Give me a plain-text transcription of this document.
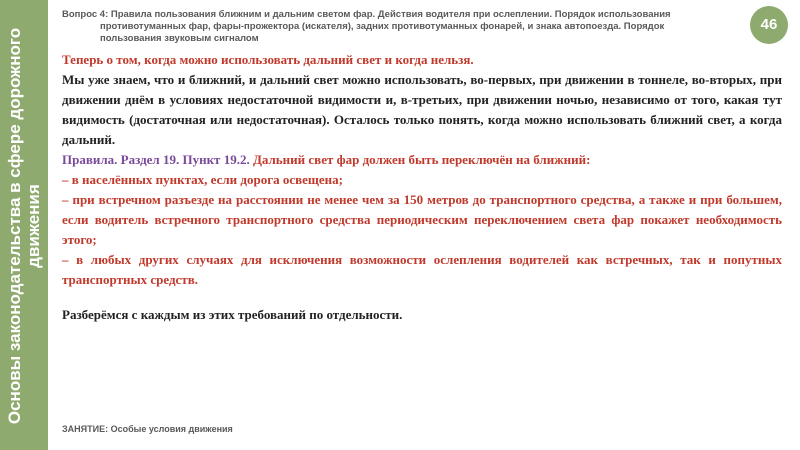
Основы законодательства в сфере дорожного движения
Вопрос 4: Правила пользования ближним и дальним светом фар. Действия водителя при ослеплении. Порядок использования
противотуманных фар, фары-прожектора (искателя), задних противотуманных фонарей, и знака автопоезда. Порядок
пользования звуковым сигналом
46

Теперь о том, когда можно использовать дальний свет и когда нельзя.

Мы уже знаем, что и ближний, и дальний свет можно использовать, во-первых, при движении в тоннеле, во-вторых, при движении днём в условиях недостаточной видимости и, в-третьих, при движении ночью, независимо от того, какая тут видимость (достаточная или недостаточная). Осталось только понять, когда можно использовать ближний свет, а когда дальний.

Правила. Раздел 19. Пункт 19.2. Дальний свет фар должен быть переключён на ближний:

– в населённых пунктах, если дорога освещена;

– при встречном разъезде на расстоянии не менее чем за 150 метров до транспортного средства, а также и при большем, если водитель встречного транспортного средства периодическим переключением света фар покажет необходимость этого;

– в любых других случаях для исключения возможности ослепления водителей как встречных, так и попутных транспортных средств.

Разберёмся с каждым из этих требований по отдельности.

ЗАНЯТИЕ: Особые условия движения
